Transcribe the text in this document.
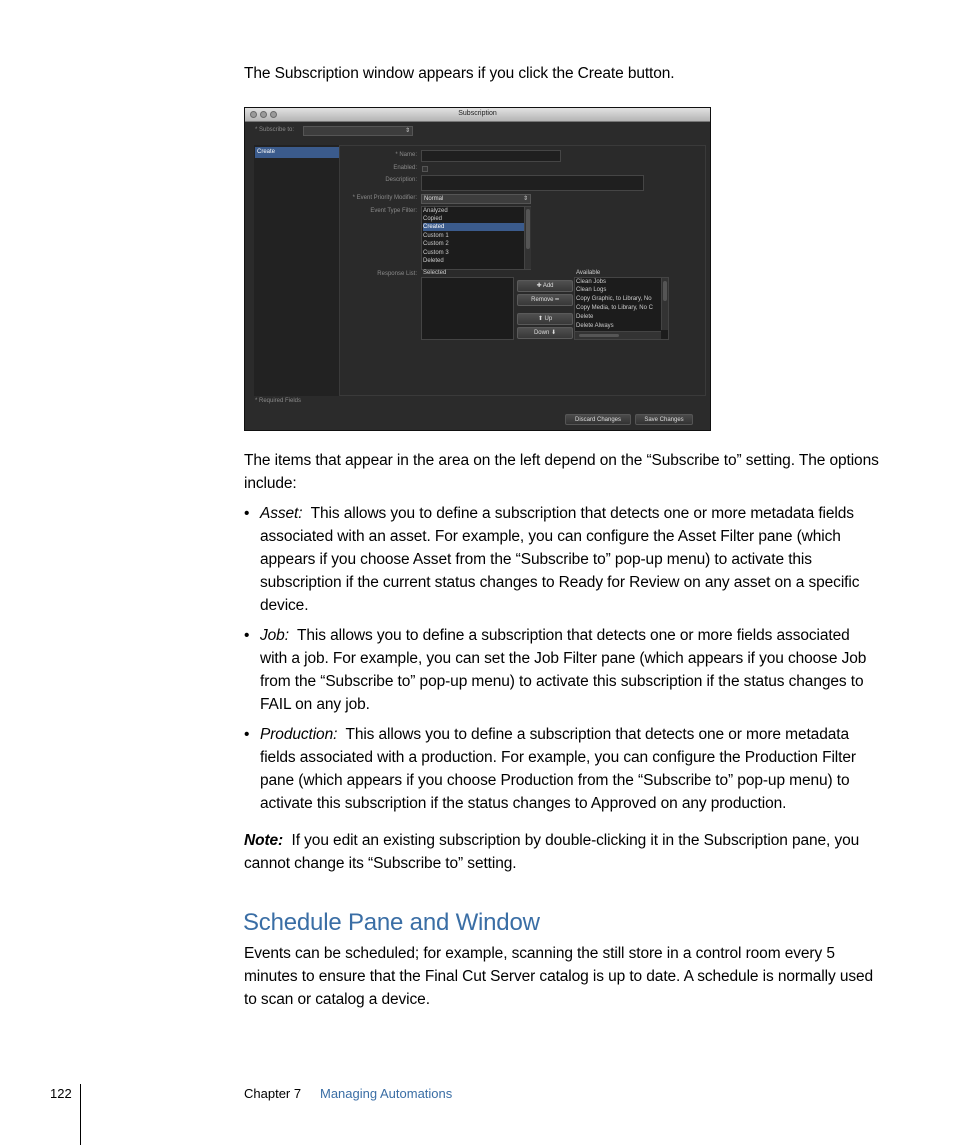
The Subscription window appears if you click the Create button.
Subscription
* Subscribe to:	⇕
Create	* Name:
Enabled:
Description:
* Event Priority Modifier:	Normal	⇕
Event Type Filter: Analyzed
Copied
Created
Custom 1
Custom 2
Custom 3
Deleted
Response List: Selected
✚ Add
Remove ━
⬆ Up
Down ⬇
Available
Clean Jobs
Clean Logs
Copy Graphic, to Library, No
Copy Media, to Library, No C
Delete
Delete Always
* Required Fields
Discard Changes	Save Changes
The items that appear in the area on the left depend on the “Subscribe to” setting. The options include:
• Asset: This allows you to define a subscription that detects one or more metadata fields associated with an asset. For example, you can configure the Asset Filter pane (which appears if you choose Asset from the “Subscribe to” pop-up menu) to activate this subscription if the current status changes to Ready for Review on any asset on a specific device.
• Job: This allows you to define a subscription that detects one or more fields associated with a job. For example, you can set the Job Filter pane (which appears if you choose Job from the “Subscribe to” pop-up menu) to activate this subscription if the status changes to FAIL on any job.
• Production: This allows you to define a subscription that detects one or more metadata fields associated with a production. For example, you can configure the Production Filter pane (which appears if you choose Production from the “Subscribe to” pop-up menu) to activate this subscription if the status changes to Approved on any production.
Note: If you edit an existing subscription by double-clicking it in the Subscription pane, you cannot change its “Subscribe to” setting.
Schedule Pane and Window
Events can be scheduled; for example, scanning the still store in a control room every 5 minutes to ensure that the Final Cut Server catalog is up to date. A schedule is normally used to scan or catalog a device.
122	Chapter 7 Managing Automations
